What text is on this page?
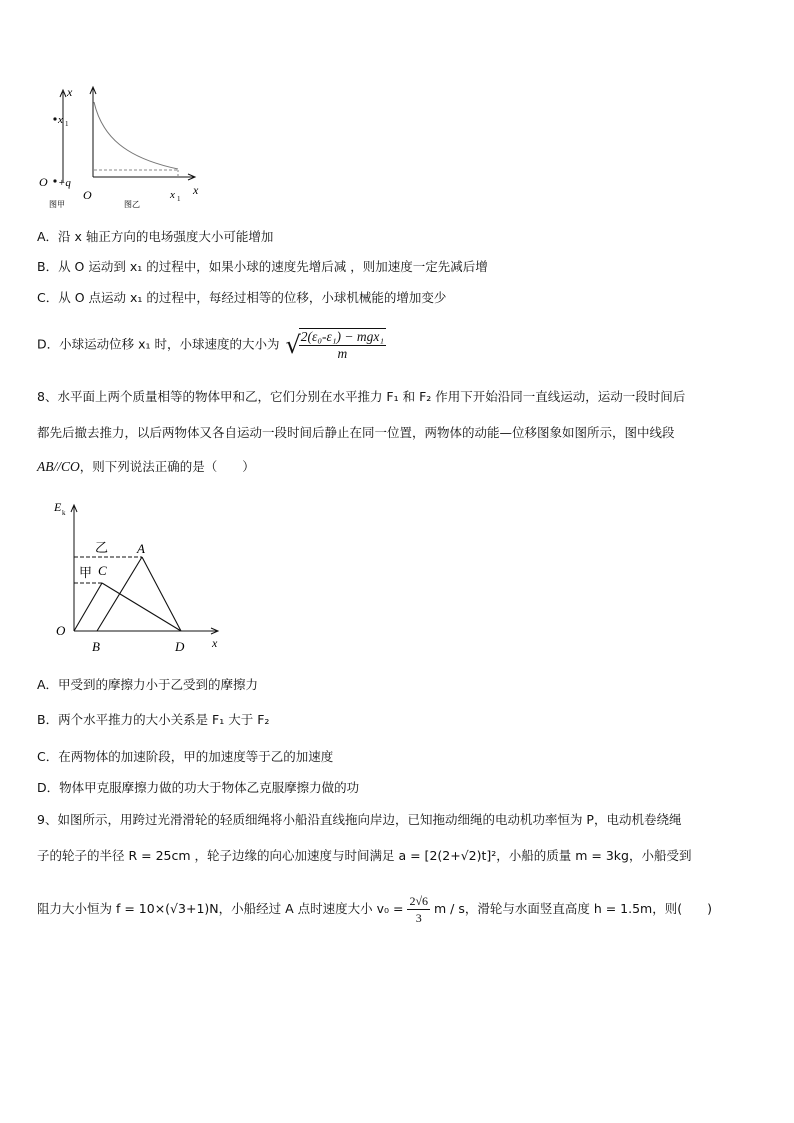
x
x 1
O +q
图甲
O	x 1
x
图乙
A．沿 x 轴正方向的电场强度大小可能增加
B．从 O 运动到 x₁ 的过程中，如果小球的速度先增后减 ，则加速度一定先减后增
C．从 O 点运动 x₁ 的过程中，每经过相等的位移，小球机械能的增加变少
D．小球运动位移 x₁ 时，小球速度的大小为 √
$\frac{\text{2(ε₀-ε₁) − mgx₁}}{m}$
8、水平面上两个质量相等的物体甲和乙，它们分别在水平推力 F₁ 和 F₂ 作用下开始沿同一直线运动，运动一段时间后
都先后撤去推力，以后两物体又各自运动一段时间后静止在同一位置，两物体的动能—位移图象如图所示，图中线段
AB//CO，则下列说法正确的是（　　）
E k
x
乙
甲
A
C
O
B	D
A．甲受到的摩擦力小于乙受到的摩擦力
B．两个水平推力的大小关系是 F₁ 大于 F₂
C．在两物体的加速阶段，甲的加速度等于乙的加速度
D．物体甲克服摩擦力做的功大于物体乙克服摩擦力做的功
9、如图所示，用跨过光滑滑轮的轻质细绳将小船沿直线拖向岸边，已知拖动细绳的电动机功率恒为 P，电动机卷绕绳
子的轮子的半径 R = 25cm ，轮子边缘的向心加速度与时间满足 a = [2(2+√2)t]²，小船的质量 m = 3kg，小船受到
阻力大小恒为 f = 10×(√3+1)N，小船经过 A 点时速度大小 $v_0 = \frac{2√6}{3}$ m / s，滑轮与水面竖直高度 h = 1.5m，则(　　)
